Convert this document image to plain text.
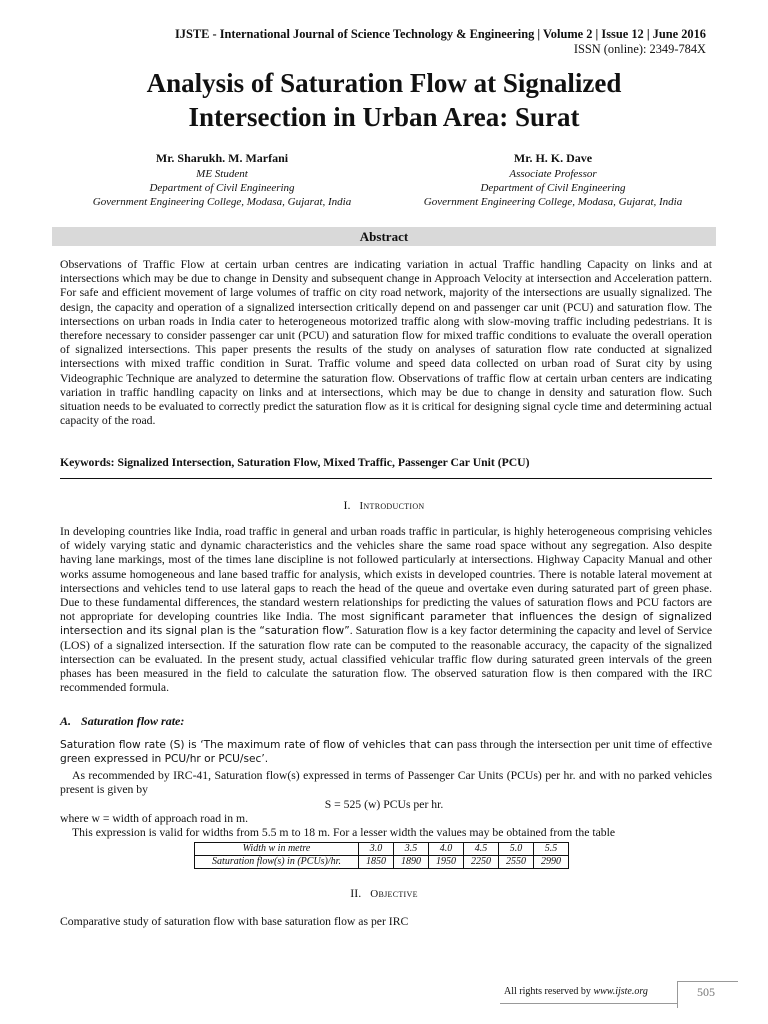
IJSTE - International Journal of Science Technology & Engineering | Volume 2 | Issue 12 | June 2016
ISSN (online): 2349-784X
Analysis of Saturation Flow at Signalized
Intersection in Urban Area: Surat
Mr. Sharukh. M. Marfani
ME Student
Department of Civil Engineering
Government Engineering College, Modasa, Gujarat, India
Mr. H. K. Dave
Associate Professor
Department of Civil Engineering
Government Engineering College, Modasa, Gujarat, India
Abstract

Observations of Traffic Flow at certain urban centres are indicating variation in actual Traffic handling Capacity on links and at intersections which may be due to change in Density and subsequent change in Approach Velocity at intersection and Acceleration pattern. For safe and efficient movement of large volumes of traffic on city road network, majority of the intersections are usually signalized. The design, the capacity and operation of a signalized intersection critically depend on and passenger car unit (PCU) and saturation flow. The intersections on urban roads in India cater to heterogeneous motorized traffic along with slow-moving traffic including pedestrians. It is therefore necessary to consider passenger car unit (PCU) and saturation flow for mixed traffic conditions to evaluate the overall operation of signalized intersections. This paper presents the results of the study on analyses of saturation flow rate conducted at signalized intersections with mixed traffic condition in Surat. Traffic volume and speed data collected on urban road of Surat city by using Videographic Technique are analyzed to determine the saturation flow. Observations of traffic flow at certain urban centers are indicating variation in traffic handling capacity on links and at intersections, which may be due to change in density and saturation flow. Such situation needs to be evaluated to correctly predict the saturation flow as it is critical for designing signal cycle time and determining actual capacity of the road.

Keywords: Signalized Intersection, Saturation Flow, Mixed Traffic, Passenger Car Unit (PCU)

I. Introduction

In developing countries like India, road traffic in general and urban roads traffic in particular, is highly heterogeneous comprising vehicles of widely varying static and dynamic characteristics and the vehicles share the same road space without any segregation. Also despite having lane markings, most of the times lane discipline is not followed particularly at intersections. Highway Capacity Manual and other works assume homogeneous and lane based traffic for analysis, which exists in developed countries. There is notable lateral movement at intersections and vehicles tend to use lateral gaps to reach the head of the queue and overtake even during saturated part of green phase. Due to these fundamental differences, the standard western relationships for predicting the values of saturation flows and PCU factors are not appropriate for developing countries like India. The most significant parameter that influences the design of signalized intersection and its signal plan is the “saturation flow”. Saturation flow is a key factor determining the capacity and level of Service (LOS) of a signalized intersection. If the saturation flow rate can be computed to the reasonable accuracy, the capacity of the signalized intersection can be evaluated. In the present study, actual classified vehicular traffic flow during saturated green intervals of the green phases has been measured in the field to calculate the saturation flow. The observed saturation flow is then compared with the IRC recommended formula.

A. Saturation flow rate:

Saturation flow rate (S) is ‘The maximum rate of flow of vehicles that can pass through the intersection per unit time of effective green expressed in PCU/hr or PCU/sec’.

As recommended by IRC-41, Saturation flow(s) expressed in terms of Passenger Car Units (PCUs) per hr. and with no parked vehicles present is given by

S = 525 (w) PCUs per hr.

where w = width of approach road in m.

This expression is valid for widths from 5.5 m to 18 m. For a lesser width the values may be obtained from the table

Width w in metre	3.0	3.5	4.0	4.5	5.0	5.5
Saturation flow(s) in (PCUs)/hr.	1850	1890	1950	2250	2550	2990
II. Objective

Comparative study of saturation flow with base saturation flow as per IRC

All rights reserved by www.ijste.org	505
